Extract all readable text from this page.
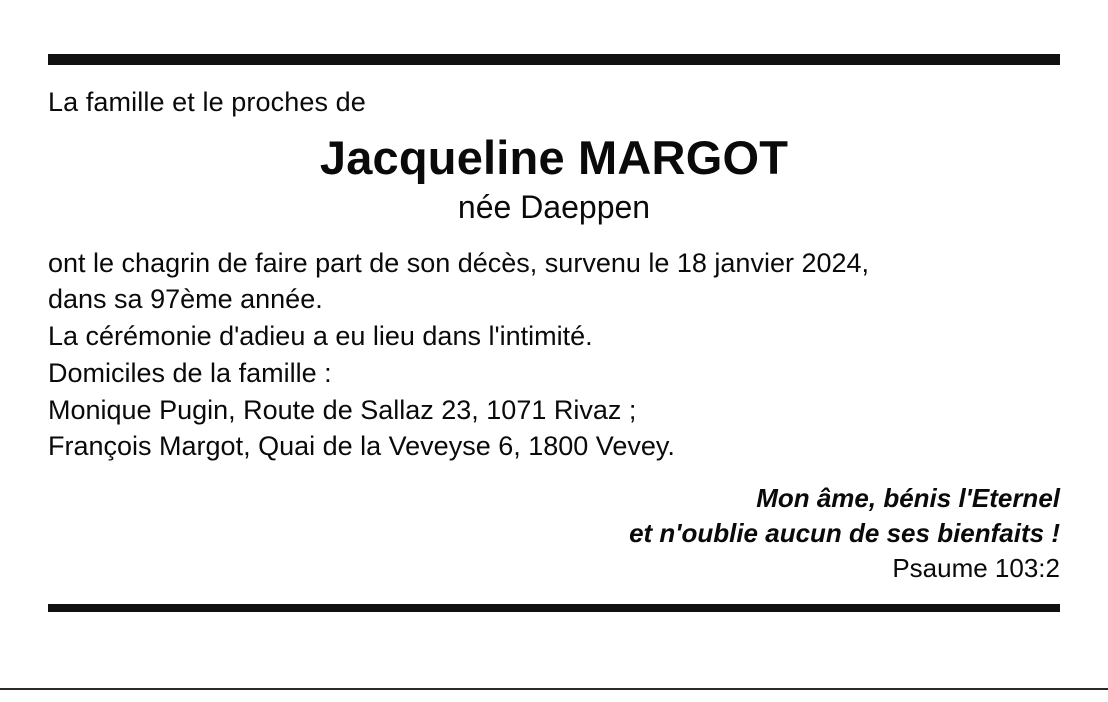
La famille et le proches de
Jacqueline MARGOT
née Daeppen
ont le chagrin de faire part de son décès, survenu le 18 janvier 2024,
dans sa 97ème année.
La cérémonie d'adieu a eu lieu dans l'intimité.
Domiciles de la famille :
Monique Pugin, Route de Sallaz 23, 1071 Rivaz ;
François Margot, Quai de la Veveyse 6, 1800 Vevey.
Mon âme, bénis l'Eternel
et n'oublie aucun de ses bienfaits !
Psaume 103:2
